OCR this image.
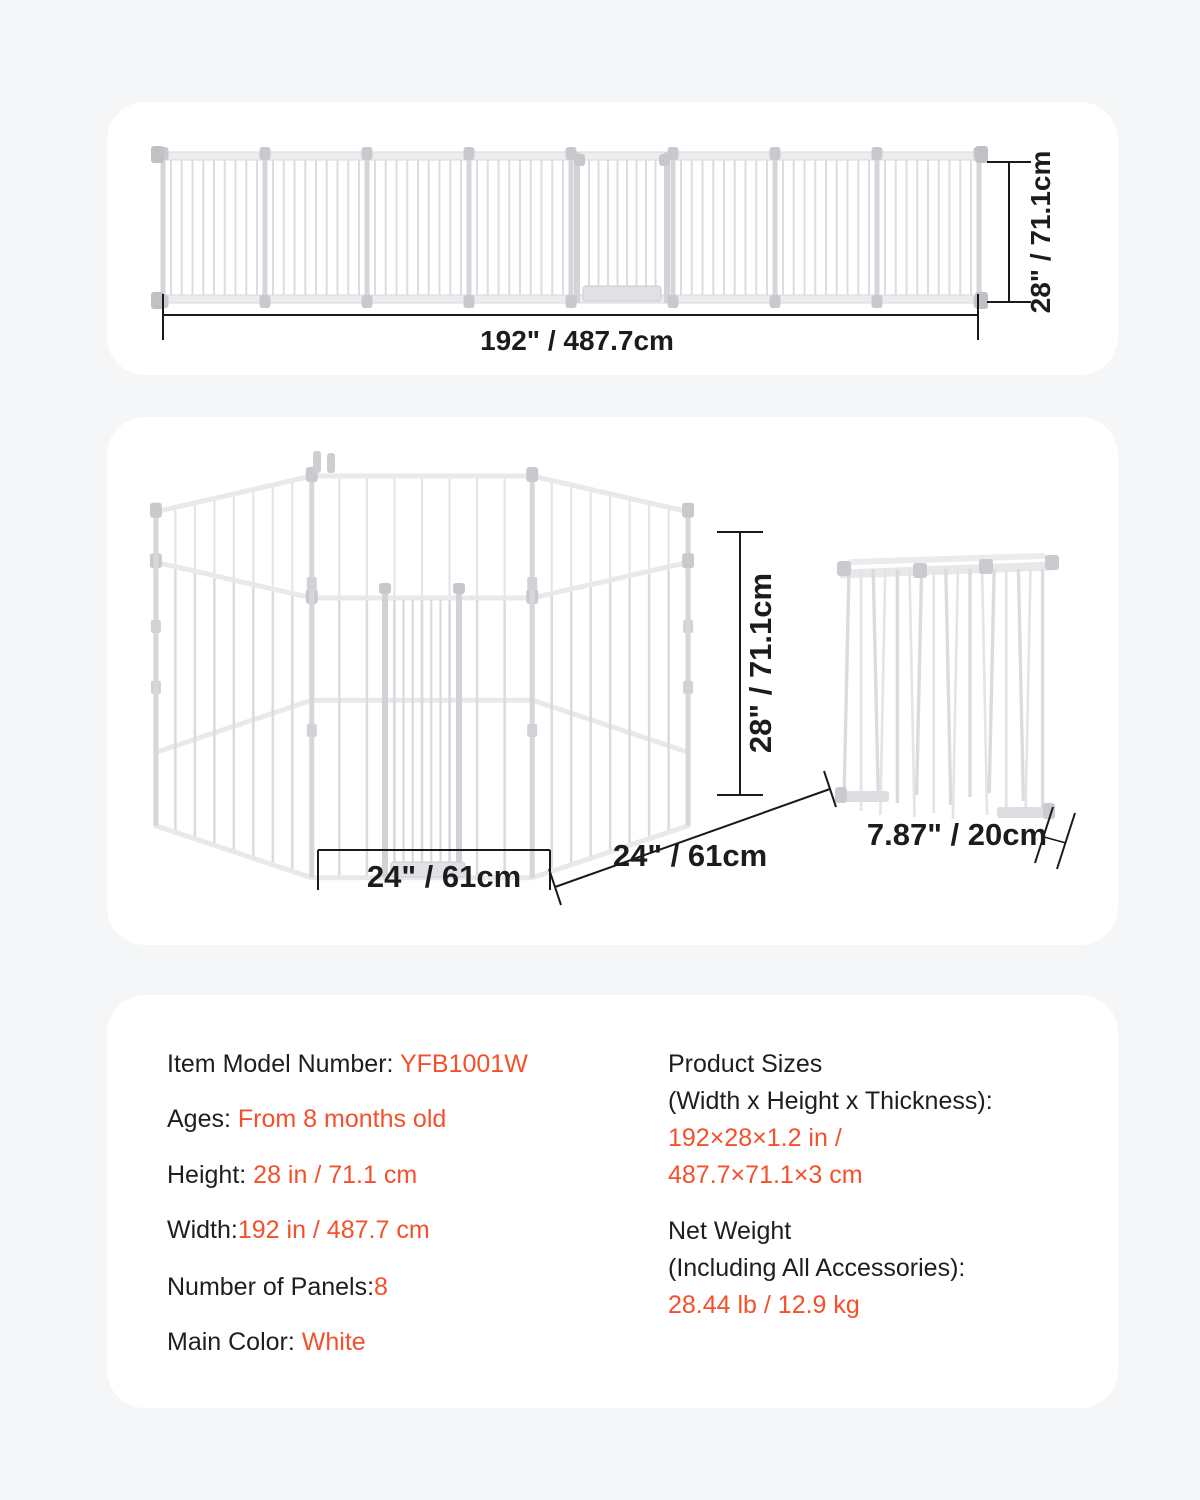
192" / 487.7cm
28" / 71.1cm
28" / 71.1cm
24" / 61cm
24" / 61cm
7.87" / 20cm
Item Model Number: YFB1001W
Ages: From 8 months old
Height: 28 in / 71.1 cm
Width:192 in / 487.7 cm
Number of Panels:8
Main Color: White
Product Sizes
(Width x Height x Thickness):
192×28×1.2 in /
487.7×71.1×3 cm
Net Weight
(Including All Accessories):
28.44 lb / 12.9 kg
